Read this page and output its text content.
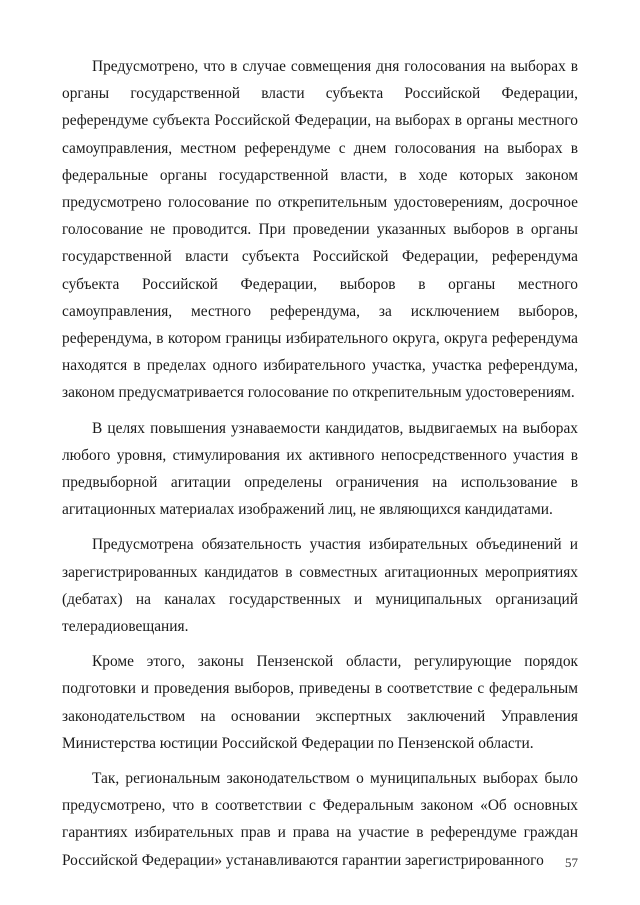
Предусмотрено, что в случае совмещения дня голосования на выборах в органы государственной власти субъекта Российской Федерации, референдуме субъекта Российской Федерации, на выборах в органы местного самоуправления, местном референдуме с днем голосования на выборах в федеральные органы государственной власти, в ходе которых законом предусмотрено голосование по открепительным удостоверениям, досрочное голосование не проводится. При проведении указанных выборов в органы государственной власти субъекта Российской Федерации, референдума субъекта Российской Федерации, выборов в органы местного самоуправления, местного референдума, за исключением выборов, референдума, в котором границы избирательного округа, округа референдума находятся в пределах одного избирательного участка, участка референдума, законом предусматривается голосование по открепительным удостоверениям.

В целях повышения узнаваемости кандидатов, выдвигаемых на выборах любого уровня, стимулирования их активного непосредственного участия в предвыборной агитации определены ограничения на использование в агитационных материалах изображений лиц, не являющихся кандидатами.

Предусмотрена обязательность участия избирательных объединений и зарегистрированных кандидатов в совместных агитационных мероприятиях (дебатах) на каналах государственных и муниципальных организаций телерадиовещания.

Кроме этого, законы Пензенской области, регулирующие порядок подготовки и проведения выборов, приведены в соответствие с федеральным законодательством на основании экспертных заключений Управления Министерства юстиции Российской Федерации по Пензенской области.

Так, региональным законодательством о муниципальных выборах было предусмотрено, что в соответствии с Федеральным законом «Об основных гарантиях избирательных прав и права на участие в референдуме граждан Российской Федерации» устанавливаются гарантии зарегистрированного	57
